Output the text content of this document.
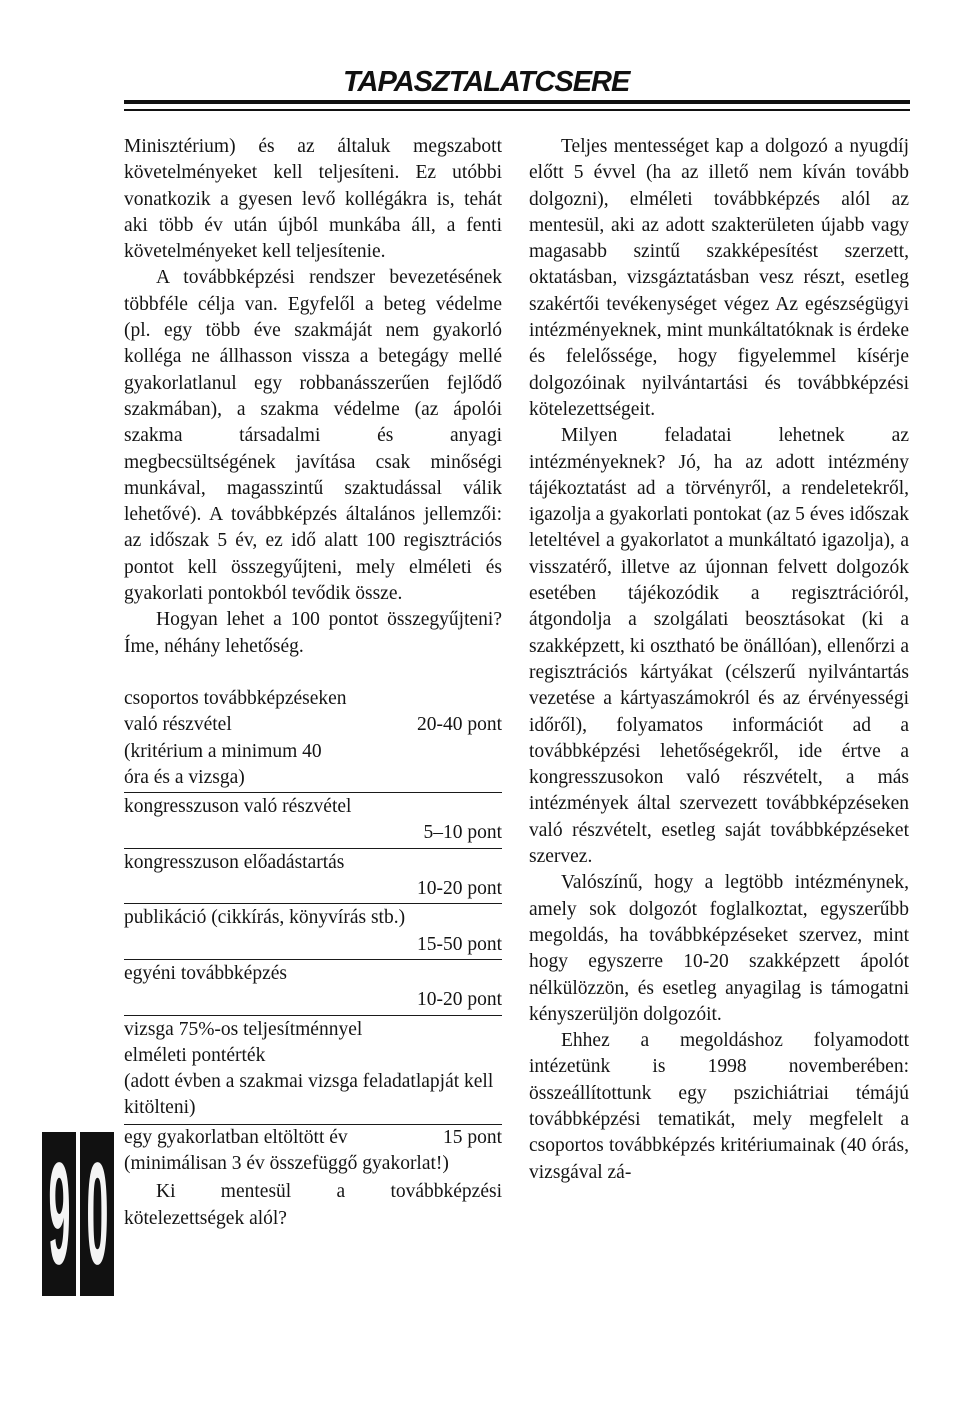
TAPASZTALATCSERE
9 0

Minisztérium) és az általuk megszabott követelményeket kell teljesíteni. Ez utóbbi vonatkozik a gyesen levő kollégákra is, tehát aki több év után újból munkába áll, a fenti követelményeket kell teljesítenie.

A továbbképzési rendszer bevezetésének többféle célja van. Egyfelől a beteg védelme (pl. egy több éve szakmáját nem gyakorló kolléga ne állhasson vissza a betegágy mellé gyakorlatlanul egy robbanásszerűen fejlődő szakmában), a szakma védelme (az ápolói szakma társadalmi és anyagi megbecsültségének javítása csak minőségi munkával, magasszintű szaktudással válik lehetővé). A továbbképzés általános jellemzői: az időszak 5 év, ez idő alatt 100 regisztrációs pontot kell összegyűjteni, mely elméleti és gyakorlati pontokból tevődik össze.

Hogyan lehet a 100 pontot összegyűjteni? Íme, néhány lehetőség.

csoportos továbbképzéseken
való részvétel	20-40 pont
(kritérium a minimum 40 óra és a vizsga)
kongresszuson való részvétel
5–10 pont
kongresszuson előadástartás
10-20 pont
publikáció (cikkírás, könyvírás stb.)
15-50 pont
egyéni továbbképzés
10-20 pont
vizsga 75%-os teljesítménnyel
elméleti pontérték
(adott évben a szakmai vizsga feladatlapját kell kitölteni)
egy gyakorlatban eltöltött év	15 pont
(minimálisan 3 év összefüggő gyakorlat!)

Ki mentesül a továbbképzési kötelezettségek alól?

Teljes mentességet kap a dolgozó a nyugdíj előtt 5 évvel (ha az illető nem kíván tovább dolgozni), elméleti továbbképzés alól az mentesül, aki az adott szakterületen újabb vagy magasabb szintű szakképesítést szerzett, oktatásban, vizsgáztatásban vesz részt, esetleg szakértői tevékenységet végez Az egészségügyi intézményeknek, mint munkáltatóknak is érdeke és felelőssége, hogy figyelemmel kísérje dolgozóinak nyilvántartási és továbbképzési kötelezettségeit.

Milyen feladatai lehetnek az intézményeknek? Jó, ha az adott intézmény tájékoztatást ad a törvényről, a rendeletekről, igazolja a gyakorlati pontokat (az 5 éves időszak leteltével a gyakorlatot a munkáltató igazolja), a visszatérő, illetve az újonnan felvett dolgozók esetében tájékozódik a regisztrációról, átgondolja a szolgálati beosztásokat (ki a szakképzett, ki osztható be önállóan), ellenőrzi a regisztrációs kártyákat (célszerű nyilvántartás vezetése a kártyaszámokról és az érvényességi időről), folyamatos információt ad a továbbképzési lehetőségekről, ide értve a kongresszusokon való részvételt, a más intézmények által szervezett továbbképzéseken való részvételt, esetleg saját továbbképzéseket szervez.

Valószínű, hogy a legtöbb intézménynek, amely sok dolgozót foglalkoztat, egyszerűbb megoldás, ha továbbképzéseket szervez, mint hogy egyszerre 10-20 szakképzett ápolót nélkülözzön, és esetleg anyagilag is támogatni kényszerüljön dolgozóit.

Ehhez a megoldáshoz folyamodott intézetünk is 1998 novemberében: összeállítottunk egy pszichiátriai témájú továbbképzési tematikát, mely megfelelt a csoportos továbbképzés kritériumainak (40 órás, vizsgával zá-
